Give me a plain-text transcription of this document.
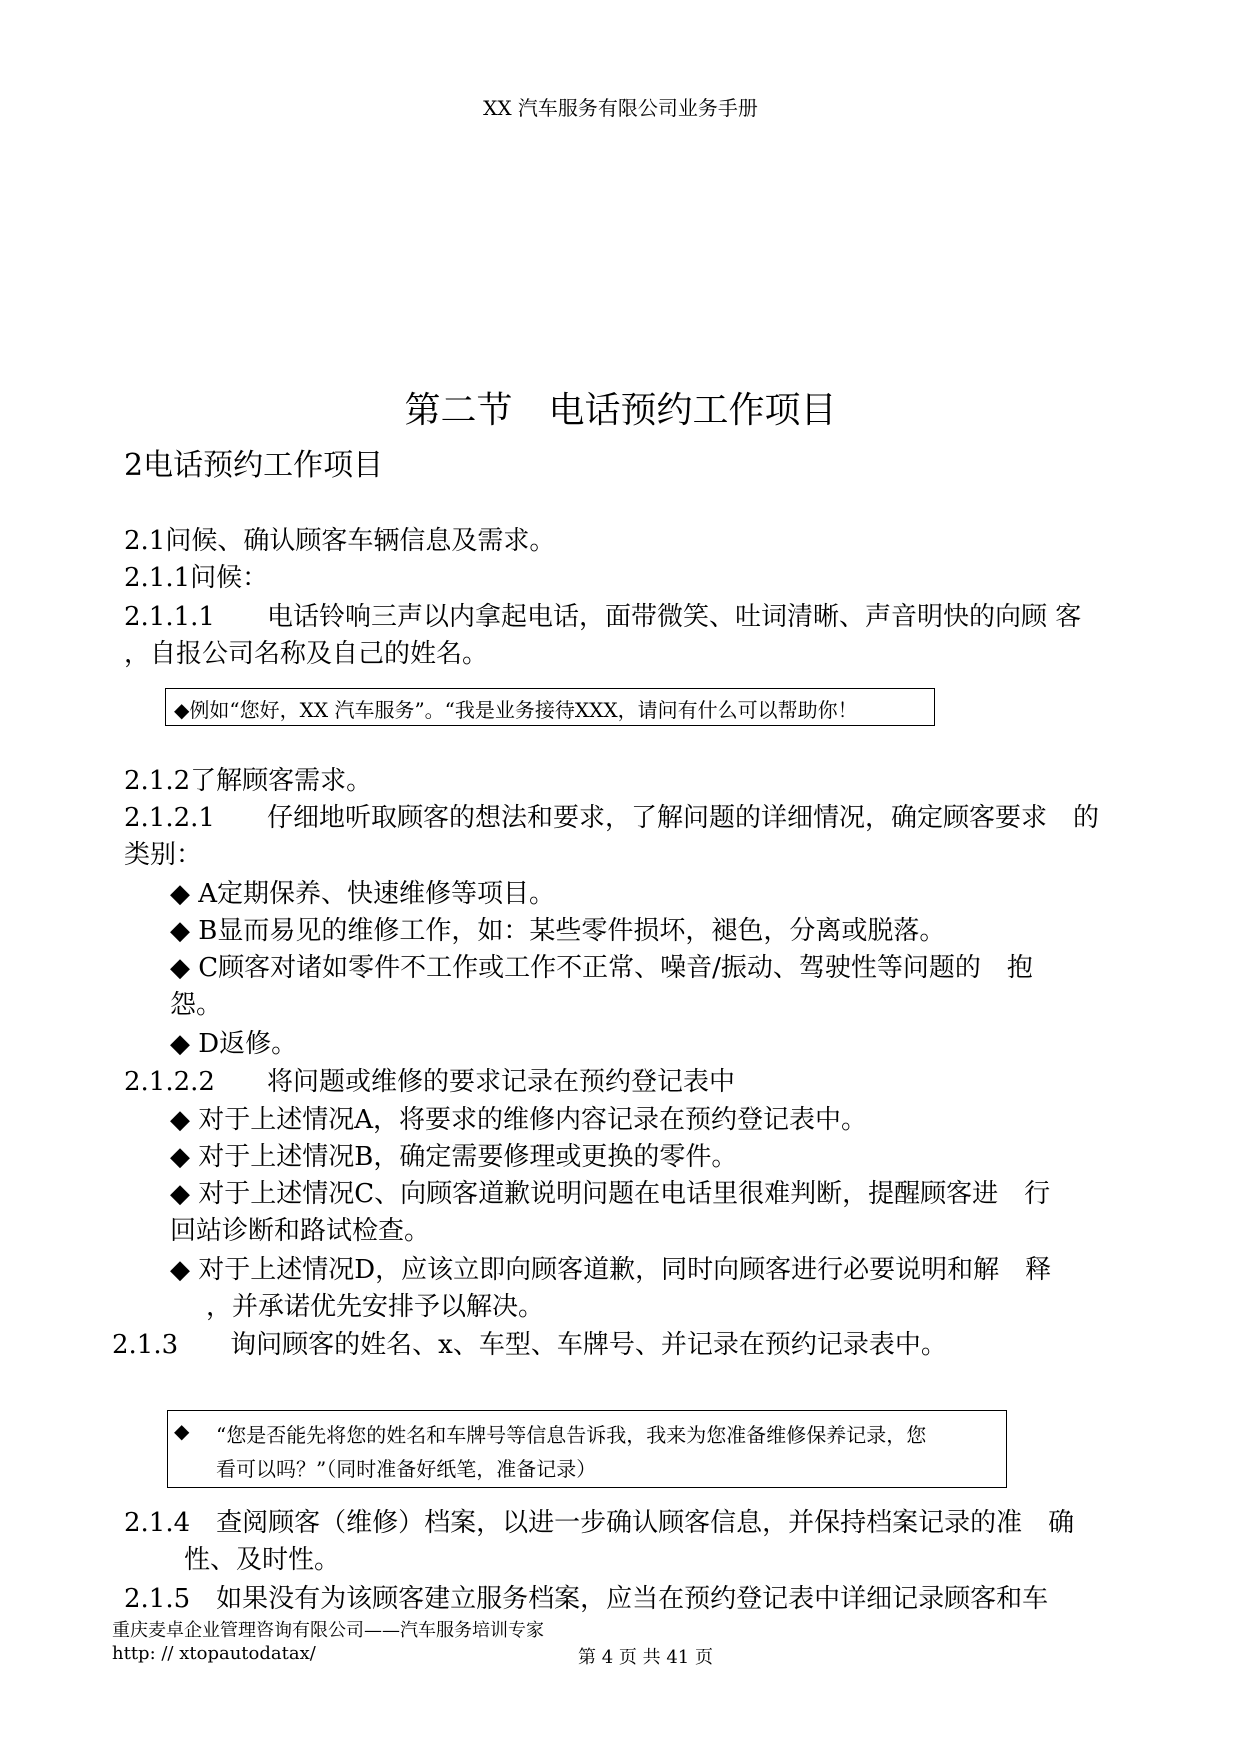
XX 汽车服务有限公司业务手册
第二节　电话预约工作项目
2电话预约工作项目
2.1问候、确认顾客车辆信息及需求。
2.1.1问候：
2.1.1.1　　电话铃响三声以内拿起电话，面带微笑、吐词清晰、声音明快的向顾 客
，自报公司名称及自己的姓名。
◆例如“您好，XX 汽车服务”。“我是业务接待XXX，请问有什么可以帮助你！
2.1.2了解顾客需求。
2.1.2.1　　仔细地听取顾客的想法和要求，了解问题的详细情况，确定顾客要求　的
类别：
◆ A定期保养、快速维修等项目。
◆ B显而易见的维修工作，如：某些零件损坏，褪色，分离或脱落。
◆ C顾客对诸如零件不工作或工作不正常、噪音/振动、驾驶性等问题的　抱
怨。
◆ D返修。
2.1.2.2　　将问题或维修的要求记录在预约登记表中
◆ 对于上述情况A，将要求的维修内容记录在预约登记表中。
◆ 对于上述情况B，确定需要修理或更换的零件。
◆ 对于上述情况C、向顾客道歉说明问题在电话里很难判断，提醒顾客进　行
回站诊断和路试检查。
◆ 对于上述情况D，应该立即向顾客道歉，同时向顾客进行必要说明和解　释
，并承诺优先安排予以解决。
2.1.3　　询问顾客的姓名、x、车型、车牌号、并记录在预约记录表中。
◆ “您是否能先将您的姓名和车牌号等信息告诉我，我来为您准备维修保养记录，您
看可以吗？”（同时准备好纸笔，准备记录）
2.1.4　查阅顾客（维修）档案，以进一步确认顾客信息，并保持档案记录的准　确
性、及时性。
2.1.5　如果没有为该顾客建立服务档案，应当在预约登记表中详细记录顾客和车
重庆麦卓企业管理咨询有限公司——汽车服务培训专家
http: // xtopautodatax/	第 4 页 共 41 页
